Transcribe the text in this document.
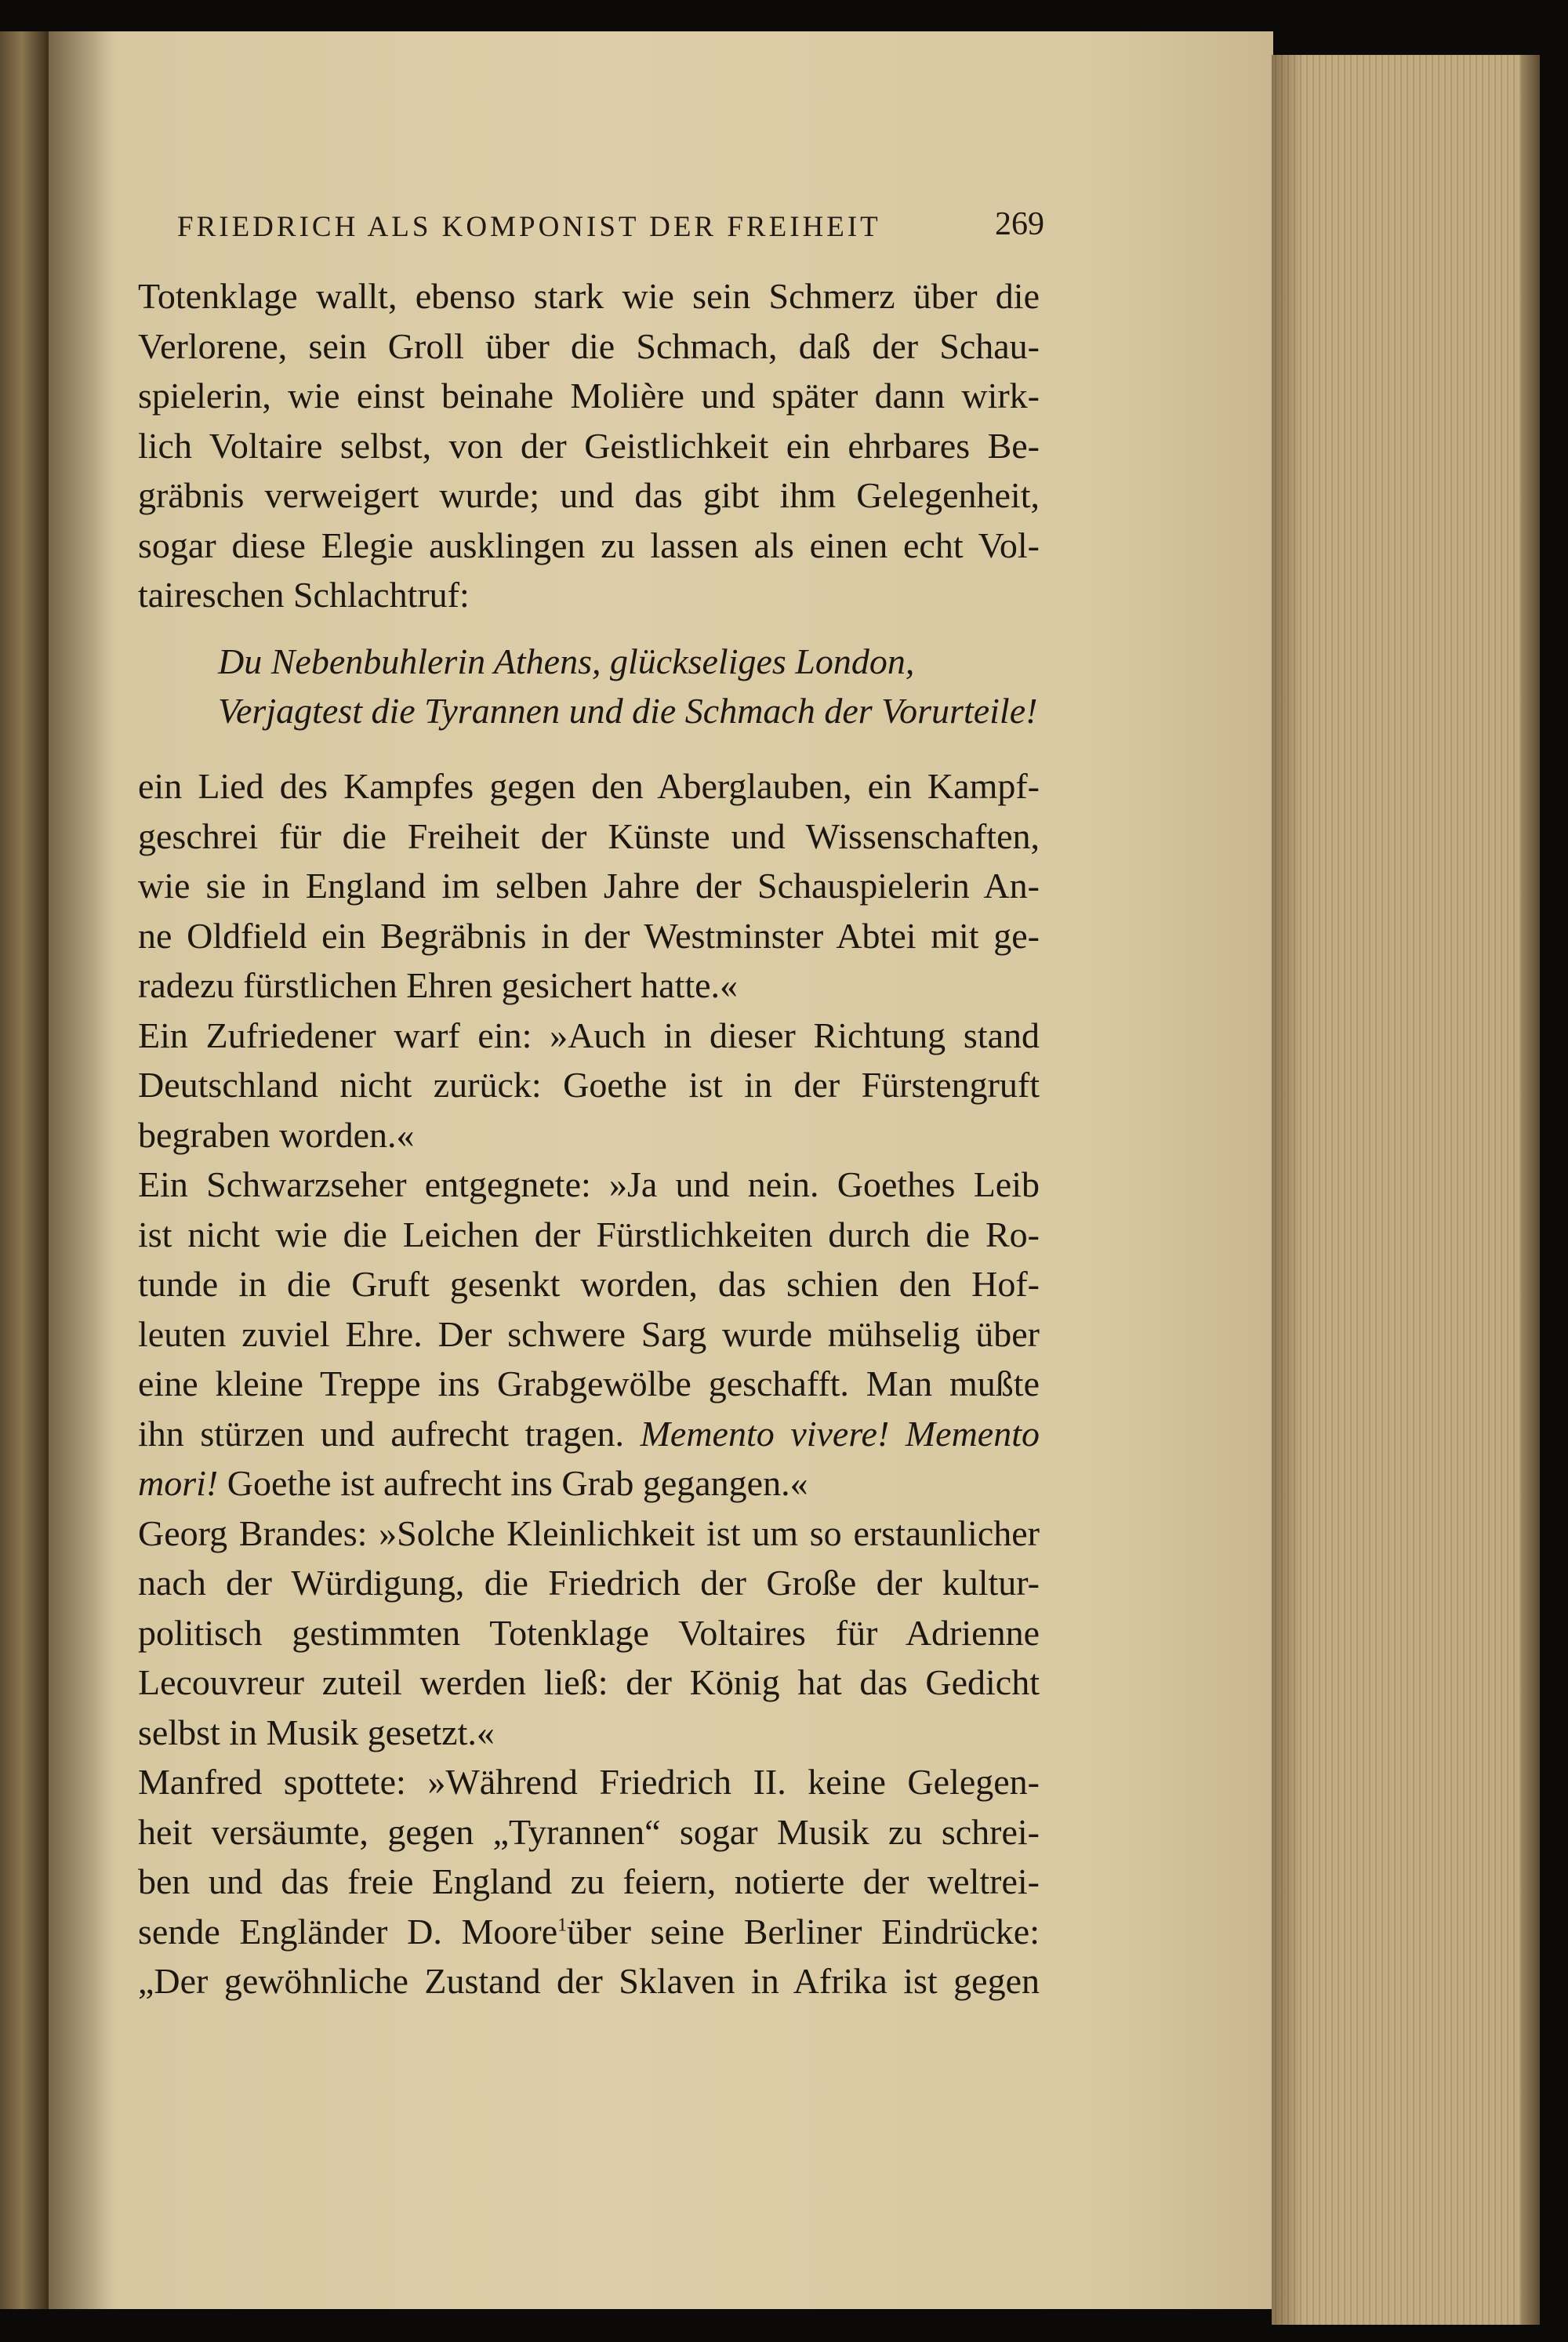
FRIEDRICH ALS KOMPONIST DER FREIHEIT	269
Totenklage wallt, ebenso stark wie sein Schmerz über die
Verlorene, sein Groll über die Schmach, daß der Schau-
spielerin, wie einst beinahe Molière und später dann wirk-
lich Voltaire selbst, von der Geistlichkeit ein ehrbares Be-
gräbnis verweigert wurde; und das gibt ihm Gelegenheit,
sogar diese Elegie ausklingen zu lassen als einen echt Vol-
taireschen Schlachtruf:
Du Nebenbuhlerin Athens, glückseliges London,
Verjagtest die Tyrannen und die Schmach der Vorurteile!
ein Lied des Kampfes gegen den Aberglauben, ein Kampf-
geschrei für die Freiheit der Künste und Wissenschaften,
wie sie in England im selben Jahre der Schauspielerin An-
ne Oldfield ein Begräbnis in der Westminster Abtei mit ge-
radezu fürstlichen Ehren gesichert hatte.«
Ein Zufriedener warf ein: »Auch in dieser Richtung stand
Deutschland nicht zurück: Goethe ist in der Fürstengruft
begraben worden.«
Ein Schwarzseher entgegnete: »Ja und nein. Goethes Leib
ist nicht wie die Leichen der Fürstlichkeiten durch die Ro-
tunde in die Gruft gesenkt worden, das schien den Hof-
leuten zuviel Ehre. Der schwere Sarg wurde mühselig über
eine kleine Treppe ins Grabgewölbe geschafft. Man mußte
ihn stürzen und aufrecht tragen. Memento vivere! Memento
mori! Goethe ist aufrecht ins Grab gegangen.«
Georg Brandes: »Solche Kleinlichkeit ist um so erstaunlicher
nach der Würdigung, die Friedrich der Große der kultur-
politisch gestimmten Totenklage Voltaires für Adrienne
Lecouvreur zuteil werden ließ: der König hat das Gedicht
selbst in Musik gesetzt.«
Manfred spottete: »Während Friedrich II. keine Gelegen-
heit versäumte, gegen „Tyrannen“ sogar Musik zu schrei-
ben und das freie England zu feiern, notierte der weltrei-
sende Engländer D. Moore$^1$über seine Berliner Eindrücke:
„Der gewöhnliche Zustand der Sklaven in Afrika ist gegen
